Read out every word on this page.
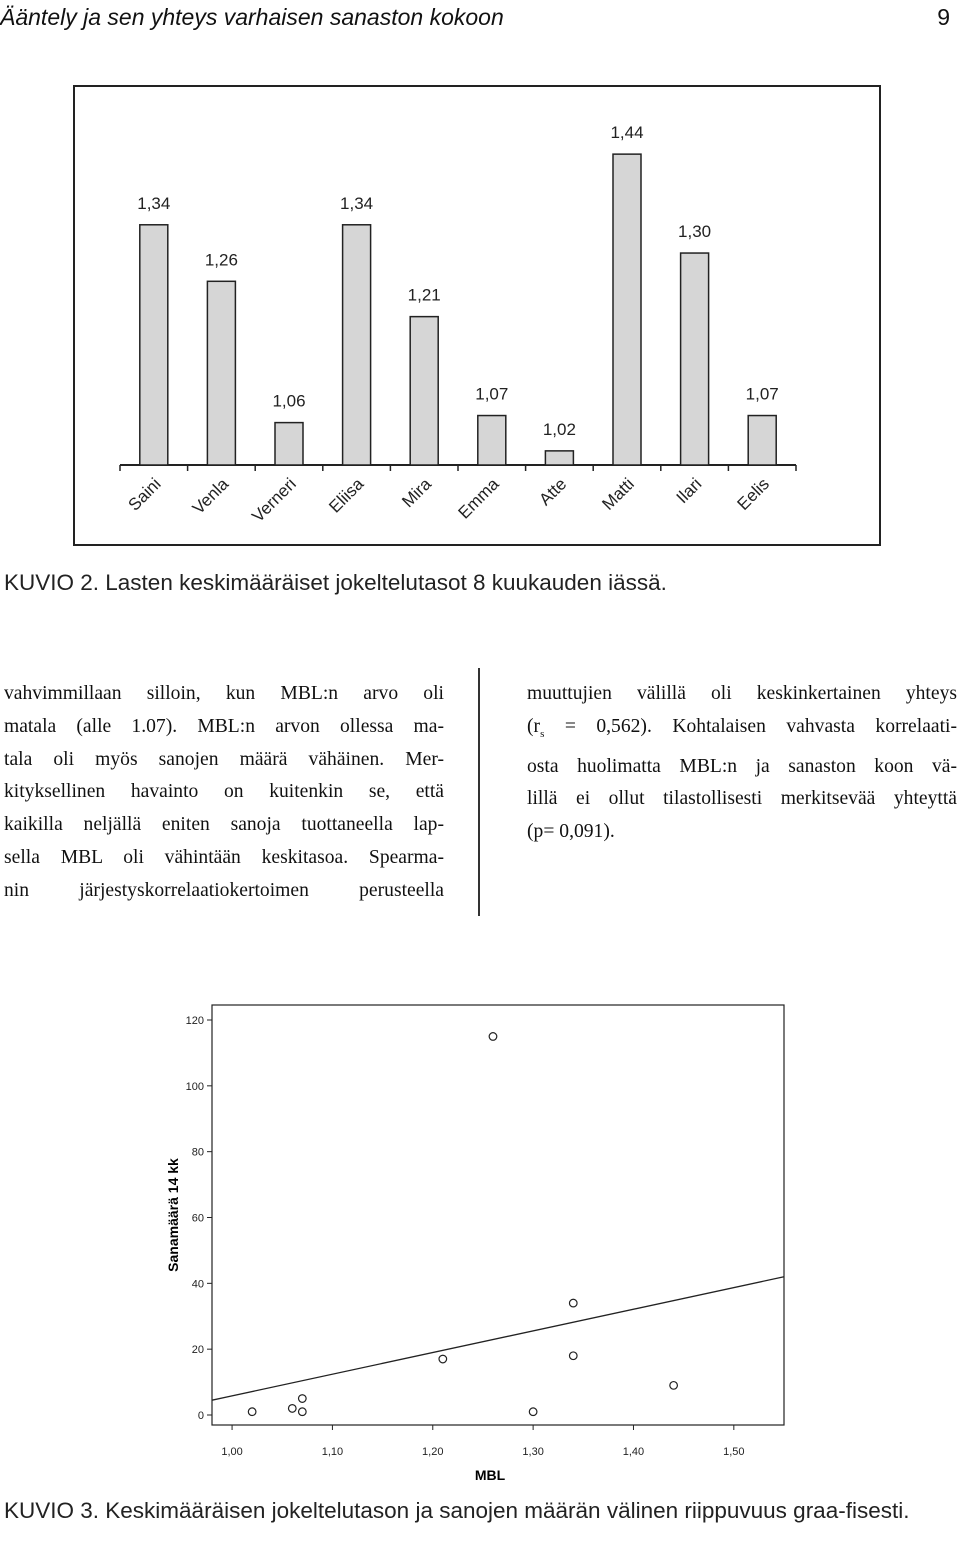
Ääntely ja sen yhteys varhaisen sanaston kokoon	9
1,34
Saini
1,26
Venla
1,06
Verneri
1,34
Eliisa
1,21
Mira
1,07
Emma
1,02
Atte
1,44
Matti
1,30
Ilari
1,07
Eelis
KUVIO 2. Lasten keskimääräiset jokeltelutasot 8 kuukauden iässä.
vahvimmillaan silloin, kun MBL:n arvo oli
matala (alle 1.07). MBL:n arvon ollessa ma-
tala oli myös sanojen määrä vähäinen. Mer-
kityksellinen havainto on kuitenkin se, että
kaikilla neljällä eniten sanoja tuottaneella lap-
sella MBL oli vähintään keskitasoa. Spearma-
nin järjestyskorrelaatiokertoimen perusteella
muuttujien välillä oli keskinkertainen yhteys
$(r_s = 0,562)$. Kohtalaisen vahvasta korrelaati-
osta huolimatta MBL:n ja sanaston koon vä-
lillä ei ollut tilastollisesti merkitsevää yhteyttä
(p= 0,091).
0
20
40
60
80
100
120
1,00	1,10	1,20	1,30	1,40	1,50
Sanamäärä 14 kk
MBL
KUVIO 3. Keskimääräisen jokeltelutason ja sanojen määrän välinen riippuvuus graa-fisesti.
